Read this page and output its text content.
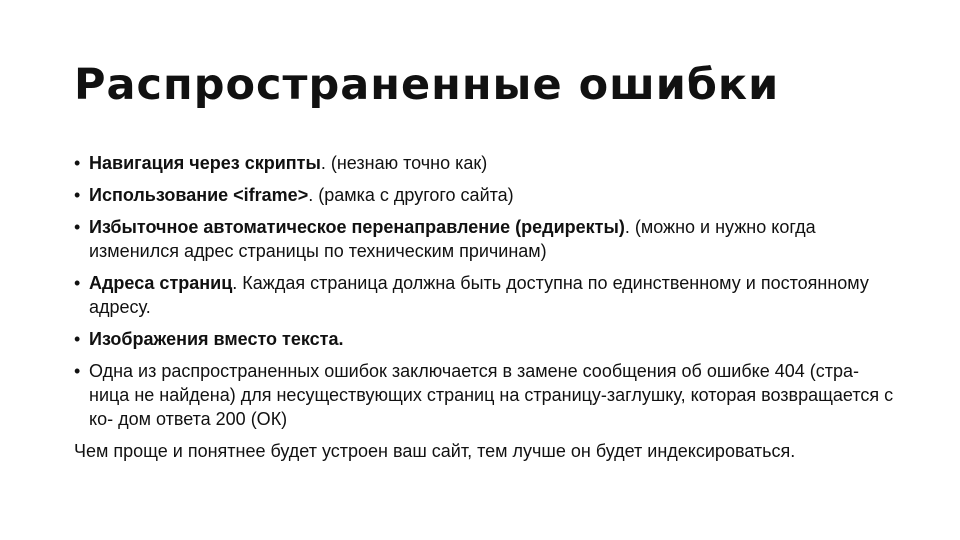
Распространенные ошибки
• Навигация через скрипты. (незнаю точно как)
• Использование <iframe>. (рамка с другого сайта)
• Избыточное автоматическое перенаправление (редиректы). (можно и нужно когда изменился адрес страницы по техническим причинам)
• Адреса страниц. Каждая страница должна быть доступна по единственному и постоянному адресу.
• Изображения вместо текста.
• Одна из распространенных ошибок заключается в замене сообщения об ошибке 404 (стра- ница не найдена) для несуществующих страниц на страницу-заглушку, которая возвращается с ко- дом ответа 200 (ОК)

Чем проще и понятнее будет устроен ваш сайт, тем лучше он будет индексироваться.
